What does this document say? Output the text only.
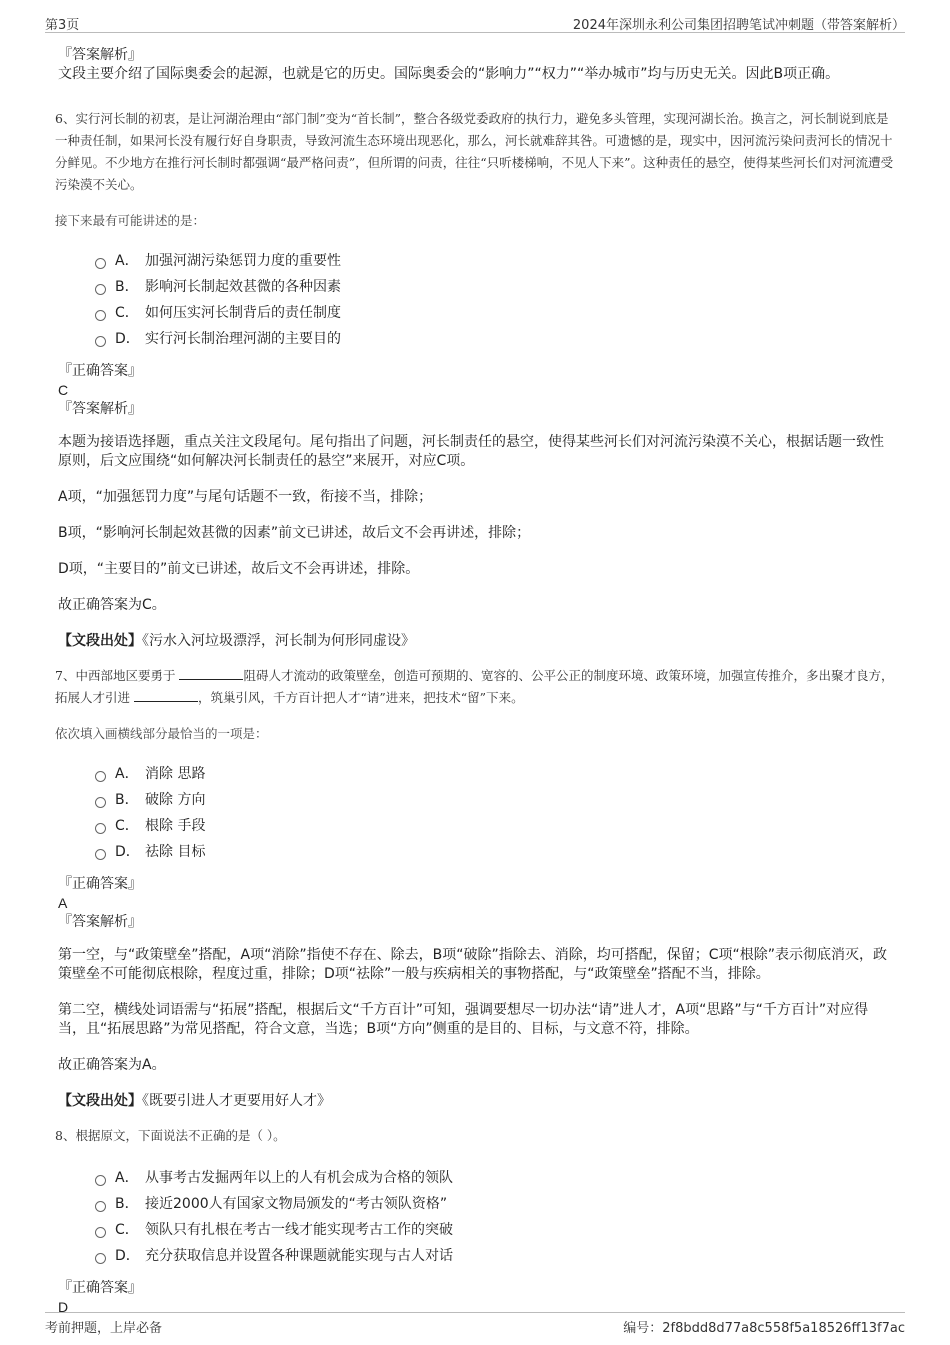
第3页	2024年深圳永利公司集团招聘笔试冲刺题（带答案解析）

『答案解析』

文段主要介绍了国际奥委会的起源，也就是它的历史。国际奥委会的“影响力”“权力”“举办城市”均与历史无关。因此B项正确。

6、实行河长制的初衷，是让河湖治理由“部门制”变为“首长制”，整合各级党委政府的执行力，避免多头管理，实现河湖长治。换言之，河长制说到底是一种责任制，如果河长没有履行好自身职责，导致河流生态环境出现恶化，那么，河长就难辞其咎。可遗憾的是，现实中，因河流污染问责河长的情况十分鲜见。不少地方在推行河长制时都强调“最严格问责”，但所谓的问责，往往“只听楼梯响，不见人下来”。这种责任的悬空，使得某些河长们对河流遭受污染漠不关心。

接下来最有可能讲述的是：

A． 加强河湖污染惩罚力度的重要性
B． 影响河长制起效甚微的各种因素
C． 如何压实河长制背后的责任制度
D． 实行河长制治理河湖的主要目的

『正确答案』

C

『答案解析』

本题为接语选择题，重点关注文段尾句。尾句指出了问题，河长制责任的悬空，使得某些河长们对河流污染漠不关心，根据话题一致性原则，后文应围绕“如何解决河长制责任的悬空”来展开，对应C项。

A项，“加强惩罚力度”与尾句话题不一致，衔接不当，排除；

B项，“影响河长制起效甚微的因素”前文已讲述，故后文不会再讲述，排除；

D项，“主要目的”前文已讲述，故后文不会再讲述，排除。

故正确答案为C。

【文段出处】《污水入河垃圾漂浮，河长制为何形同虚设》

7、中西部地区要勇于	阻碍人才流动的政策壁垒，创造可预期的、宽容的、公平公正的制度环境、政策环境，加强宣传推介，多出聚才良方，拓展人才引进	，筑巢引风，千方百计把人才“请”进来，把技术“留”下来。

依次填入画横线部分最恰当的一项是：

A． 消除 思路
B． 破除 方向
C． 根除 手段
D． 祛除 目标

『正确答案』

A

『答案解析』

第一空，与“政策壁垒”搭配，A项“消除”指使不存在、除去，B项“破除”指除去、消除，均可搭配，保留；C项“根除”表示彻底消灭，政策壁垒不可能彻底根除，程度过重，排除；D项“祛除”一般与疾病相关的事物搭配，与“政策壁垒”搭配不当，排除。

第二空，横线处词语需与“拓展”搭配，根据后文“千方百计”可知，强调要想尽一切办法“请”进人才，A项“思路”与“千方百计”对应得当，且“拓展思路”为常见搭配，符合文意，当选；B项“方向”侧重的是目的、目标，与文意不符，排除。

故正确答案为A。

【文段出处】《既要引进人才更要用好人才》

8、根据原文，下面说法不正确的是（ ）。

A． 从事考古发掘两年以上的人有机会成为合格的领队
B． 接近2000人有国家文物局颁发的“考古领队资格”
C． 领队只有扎根在考古一线才能实现考古工作的突破
D． 充分获取信息并设置各种课题就能实现与古人对话

『正确答案』

D

考前押题，上岸必备	编号：2f8bdd8d77a8c558f5a18526ff13f7ac
